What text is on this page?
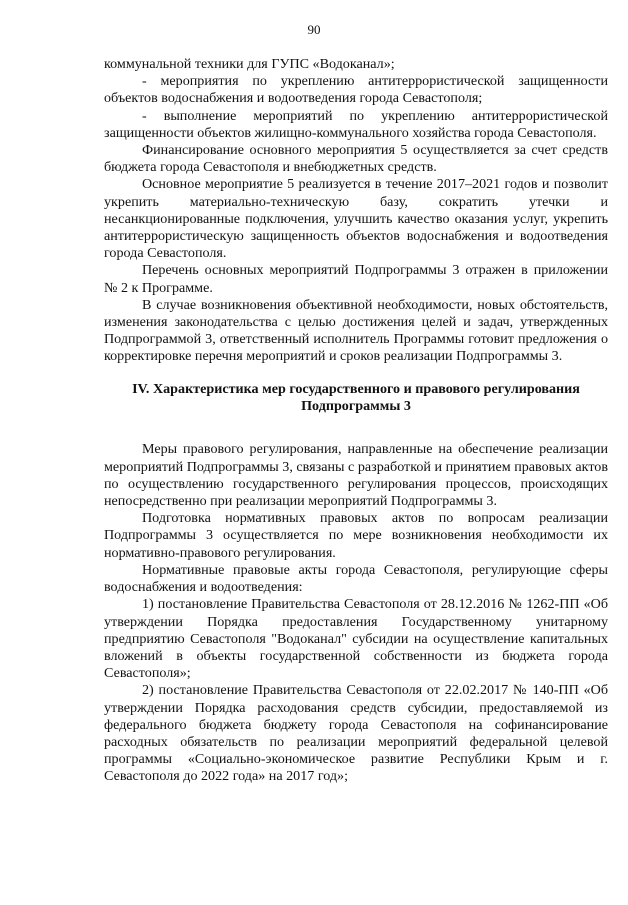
90

коммунальной техники для ГУПС «Водоканал»;

- мероприятия по укреплению антитеррористической защищенности объектов водоснабжения и водоотведения города Севастополя;

- выполнение мероприятий по укреплению антитеррористической защищенности объектов жилищно-коммунального хозяйства города Севастополя.

Финансирование основного мероприятия 5 осуществляется за счет средств бюджета города Севастополя и внебюджетных средств.

Основное мероприятие 5 реализуется в течение 2017–2021 годов и позволит укрепить материально-техническую базу, сократить утечки и несанкционированные подключения, улучшить качество оказания услуг, укрепить антитеррористическую защищенность объектов водоснабжения и водоотведения города Севастополя.

Перечень основных мероприятий Подпрограммы 3 отражен в приложении № 2 к Программе.

В случае возникновения объективной необходимости, новых обстоятельств, изменения законодательства с целью достижения целей и задач, утвержденных Подпрограммой 3, ответственный исполнитель Программы готовит предложения о корректировке перечня мероприятий и сроков реализации Подпрограммы 3.

IV. Характеристика мер государственного и правового регулирования
Подпрограммы 3

Меры правового регулирования, направленные на обеспечение реализации мероприятий Подпрограммы 3, связаны с разработкой и принятием правовых актов по осуществлению государственного регулирования процессов, происходящих непосредственно при реализации мероприятий Подпрограммы 3.

Подготовка нормативных правовых актов по вопросам реализации Подпрограммы 3 осуществляется по мере возникновения необходимости их нормативно-правового регулирования.

Нормативные правовые акты города Севастополя, регулирующие сферы водоснабжения и водоотведения:

1) постановление Правительства Севастополя от 28.12.2016 № 1262-ПП «Об утверждении Порядка предоставления Государственному унитарному предприятию Севастополя "Водоканал" субсидии на осуществление капитальных вложений в объекты государственной собственности из бюджета города Севастополя»;

2) постановление Правительства Севастополя от 22.02.2017 № 140-ПП «Об утверждении Порядка расходования средств субсидии, предоставляемой из федерального бюджета бюджету города Севастополя на софинансирование расходных обязательств по реализации мероприятий федеральной целевой программы «Социально-экономическое развитие Республики Крым и г. Севастополя до 2022 года» на 2017 год»;
